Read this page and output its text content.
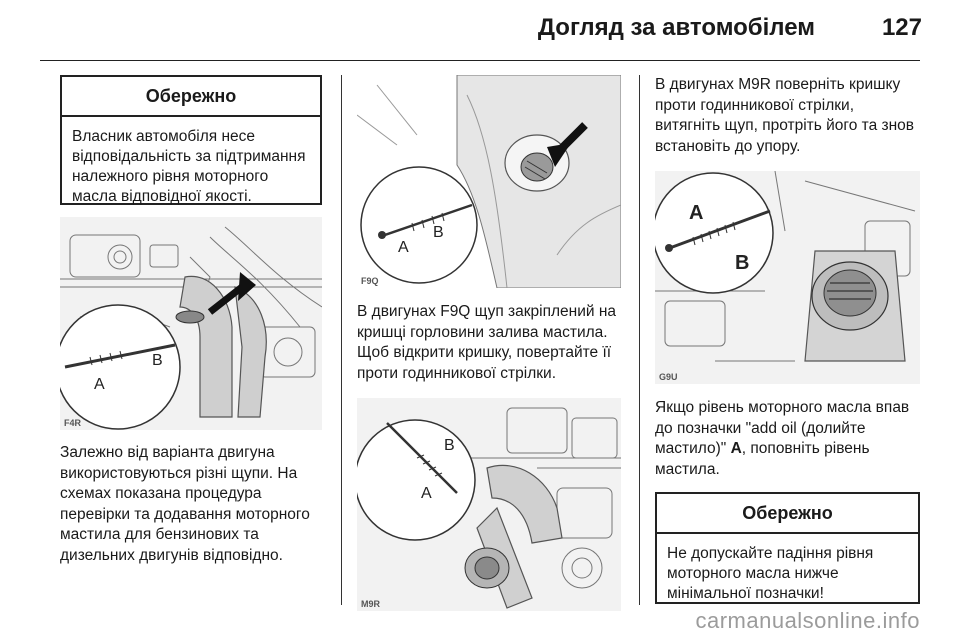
Догляд за автомобілем	127
Обережно
Власник автомобіля несе відповідальність за підтримання належного рівня моторного масла відповідної якості.
A
B
F4R

Залежно від варіанта двигуна використовуються різні щупи. На схемах показана процедура перевірки та додавання моторного мастила для бензинових та дизельних двигунів відповідно.

A
B
F9Q

В двигунах F9Q щуп закріплений на кришці горловини залива мастила. Щоб відкрити кришку, повертайте її проти годинникової стрілки.

A
B
M9R

В двигунах M9R поверніть кришку проти годинникової стрілки, витягніть щуп, протріть його та знов встановіть до упору.

A
B
G9U

Якщо рівень моторного масла впав до позначки "add oil (долийте мастило)" A, поповніть рівень мастила.

Обережно
Не допускайте падіння рівня моторного масла нижче мінімальної позначки!
carmanualsonline.info
